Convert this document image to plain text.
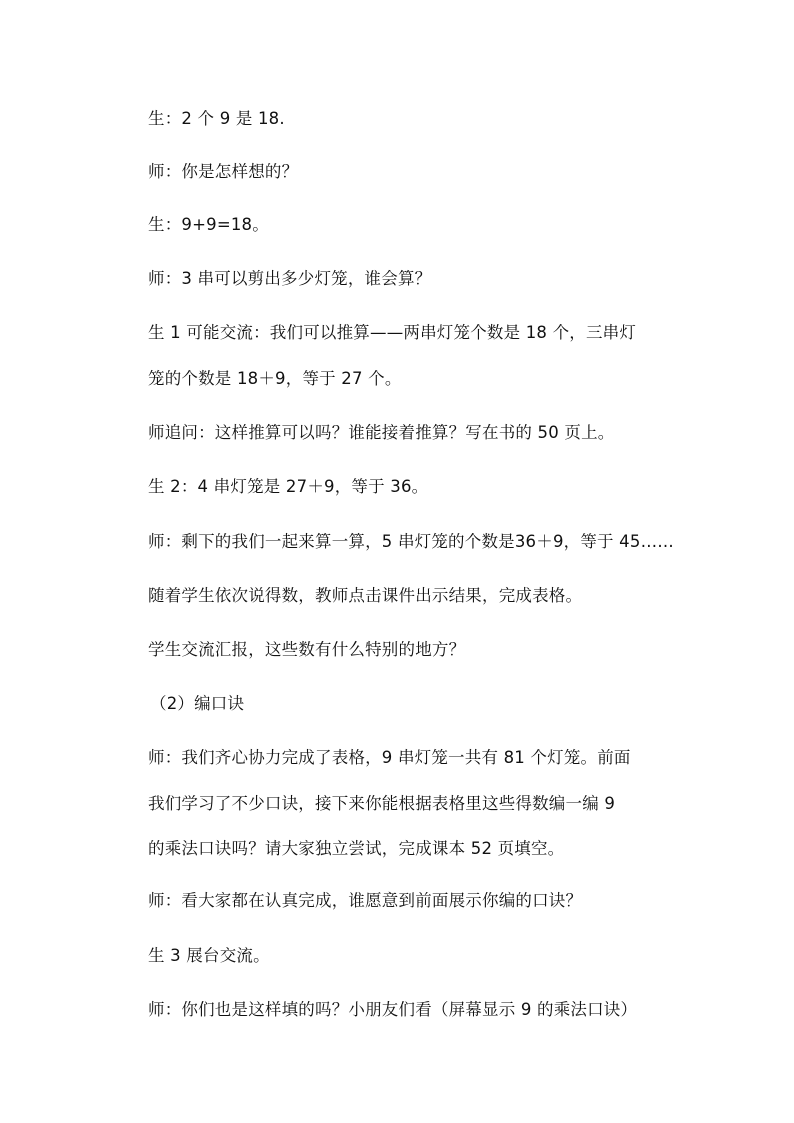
生：2 个 9 是 18.
师：你是怎样想的？
生：9+9=18。
师：3 串可以剪出多少灯笼，谁会算？
生 1 可能交流：我们可以推算——两串灯笼个数是 18 个，三串灯
笼的个数是 18＋9，等于 27 个。
师追问：这样推算可以吗？谁能接着推算？写在书的 50 页上。
生 2：4 串灯笼是 27＋9，等于 36。
师：剩下的我们一起来算一算，5 串灯笼的个数是36＋9，等于 45……
随着学生依次说得数，教师点击课件出示结果，完成表格。
学生交流汇报，这些数有什么特别的地方？
（2）编口诀
师：我们齐心协力完成了表格，9 串灯笼一共有 81 个灯笼。前面
我们学习了不少口诀，接下来你能根据表格里这些得数编一编 9
的乘法口诀吗？请大家独立尝试，完成课本 52 页填空。
师：看大家都在认真完成，谁愿意到前面展示你编的口诀？
生 3 展台交流。
师：你们也是这样填的吗？小朋友们看（屏幕显示 9 的乘法口诀）
